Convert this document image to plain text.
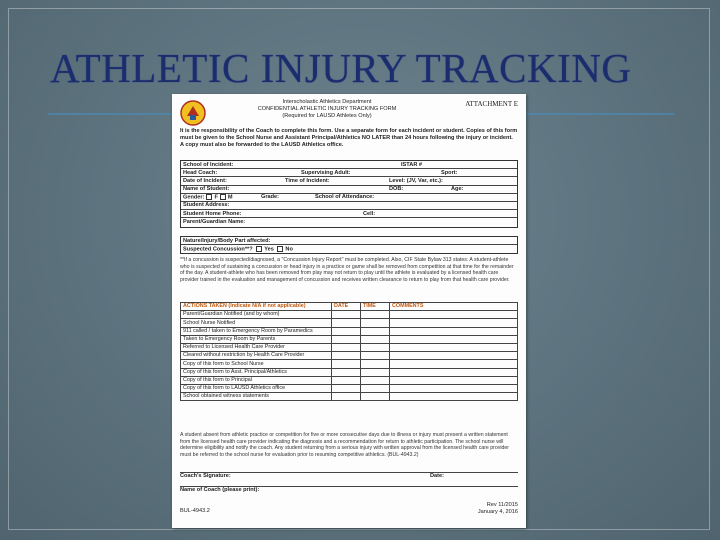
ATHLETIC INJURY TRACKING
Interscholastic Athletics Department
CONFIDENTIAL ATHLETIC INJURY TRACKING FORM
(Required for LAUSD Athletes Only)
ATTACHMENT E
It is the responsibility of the Coach to complete this form. Use a separate form for each incident or student. Copies of this form must be given to the School Nurse and Assistant Principal/Athletics NO LATER than 24 hours following the injury or incident. A copy must also be forwarded to the LAUSD Athletics office.
School of Incident:	ISTAR #
Head Coach:	Supervising Adult:	Sport:
Date of Incident:	Time of Incident:	Level: (JV, Var, etc.):
Name of Student:	DOB:	Age:
Gender: F M	Grade:	School of Attendance:
Student Address:
Student Home Phone:	Cell:
Parent/Guardian Name:
Nature/Injury/Body Part affected:
Suspected Concussion**? Yes No
**If a concussion is suspected/diagnosed, a "Concussion Injury Report" must be completed. Also, CIF State Bylaw 313 states: A student-athlete who is suspected of sustaining a concussion or head injury in a practice or game shall be removed from competition at that time for the remainder of the day. A student-athlete who has been removed from play may not return to play until the athlete is evaluated by a licensed health care provider trained in the evaluation and management of concussion and receives written clearance to return to play from that health care provider.
ACTIONS TAKEN (Indicate N/A if not applicable)	DATE	TIME	COMMENTS
Parent/Guardian Notified (and by whom)			
School Nurse Notified			
911 called / taken to Emergency Room by Paramedics			
Taken to Emergency Room by Parents			
Referred to Licensed Health Care Provider			
Cleared without restriction by Health Care Provider			
Copy of this form to School Nurse			
Copy of this form to Asst. Principal/Athletics			
Copy of this form to Principal			
Copy of this form to LAUSD Athletics office			
School obtained witness statements			
A student absent from athletic practice or competition for five or more consecutive days due to illness or injury must present a written statement from the licensed health care provider indicating the diagnosis and a recommendation for return to athletic participation. The school nurse will determine eligibility and notify the coach. Any student returning from a serious injury with written approval from the licensed health care provider must be referred to the school nurse for evaluation prior to resuming competitive athletics. (BUL-4943.2)
Coach's Signature:	Date:
Name of Coach (please print):
BUL-4943.2
Rev 11/2015
January 4, 2016
